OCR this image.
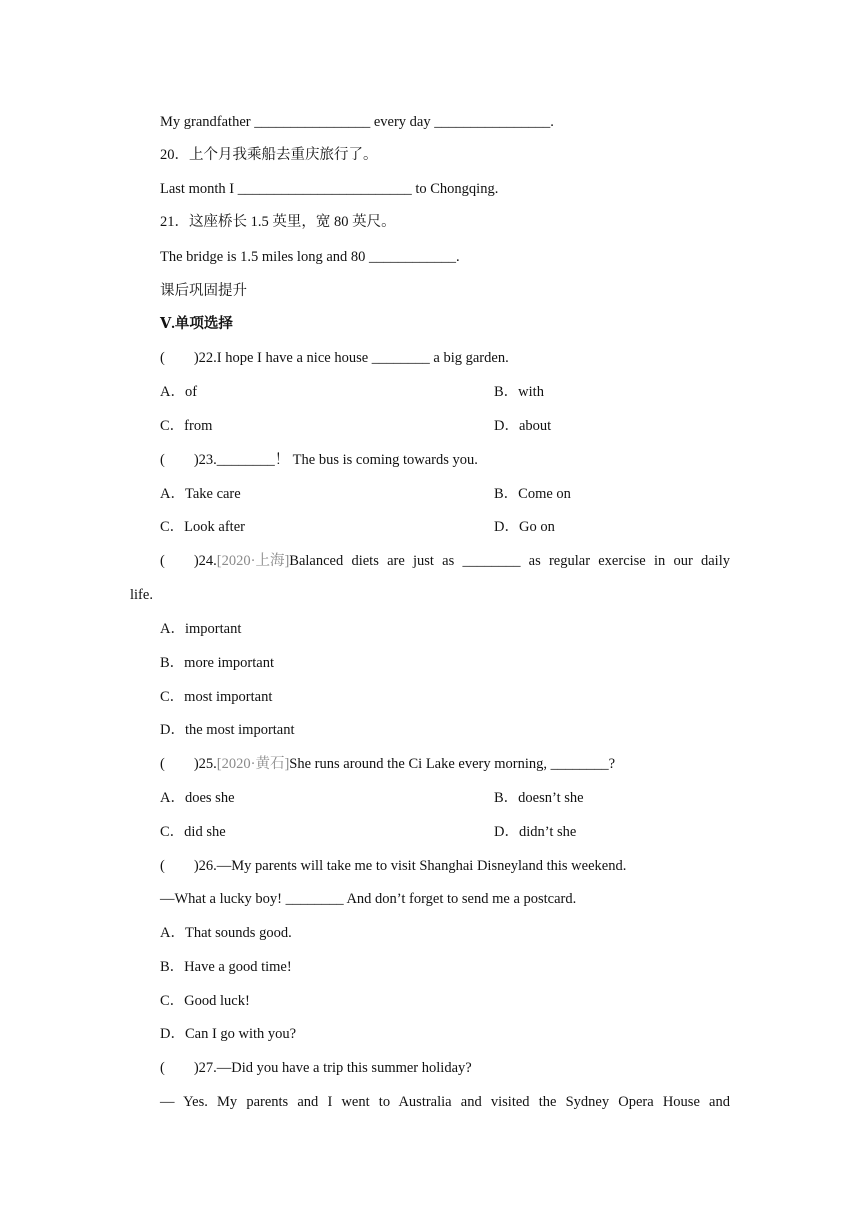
My grandfather ________________ every day ________________.
20．上个月我乘船去重庆旅行了。
Last month I ________________________ to Chongqing.
21．这座桥长 1.5 英里，宽 80 英尺。
The bridge is 1.5 miles long and 80 ____________.
课后巩固提升
Ⅴ.单项选择
(　　)22.I hope I have a nice house ________ a big garden.
A．of	B．with
C．from	D．about
(　　)23.________！ The bus is coming towards you.
A．Take care	B．Come on
C．Look after	D．Go on
(　　)24. [2020·上海] Balanced diets are just as ________ as regular exercise in our daily
life.
A．important
B．more important
C．most important
D．the most important
(　　)25.[2020·黄石]She runs around the Ci Lake every morning, ________?
A．does she	B．doesn’t she
C．did she	D．didn’t she
(　　)26.—My parents will take me to visit Shanghai Disneyland this weekend.
—What a lucky boy! ________ And don’t forget to send me a postcard.
A．That sounds good.
B．Have a good time!
C．Good luck!
D．Can I go with you?
(　　)27.—Did you have a trip this summer holiday?
— Yes. My parents and I went to Australia and visited the Sydney Opera House and
